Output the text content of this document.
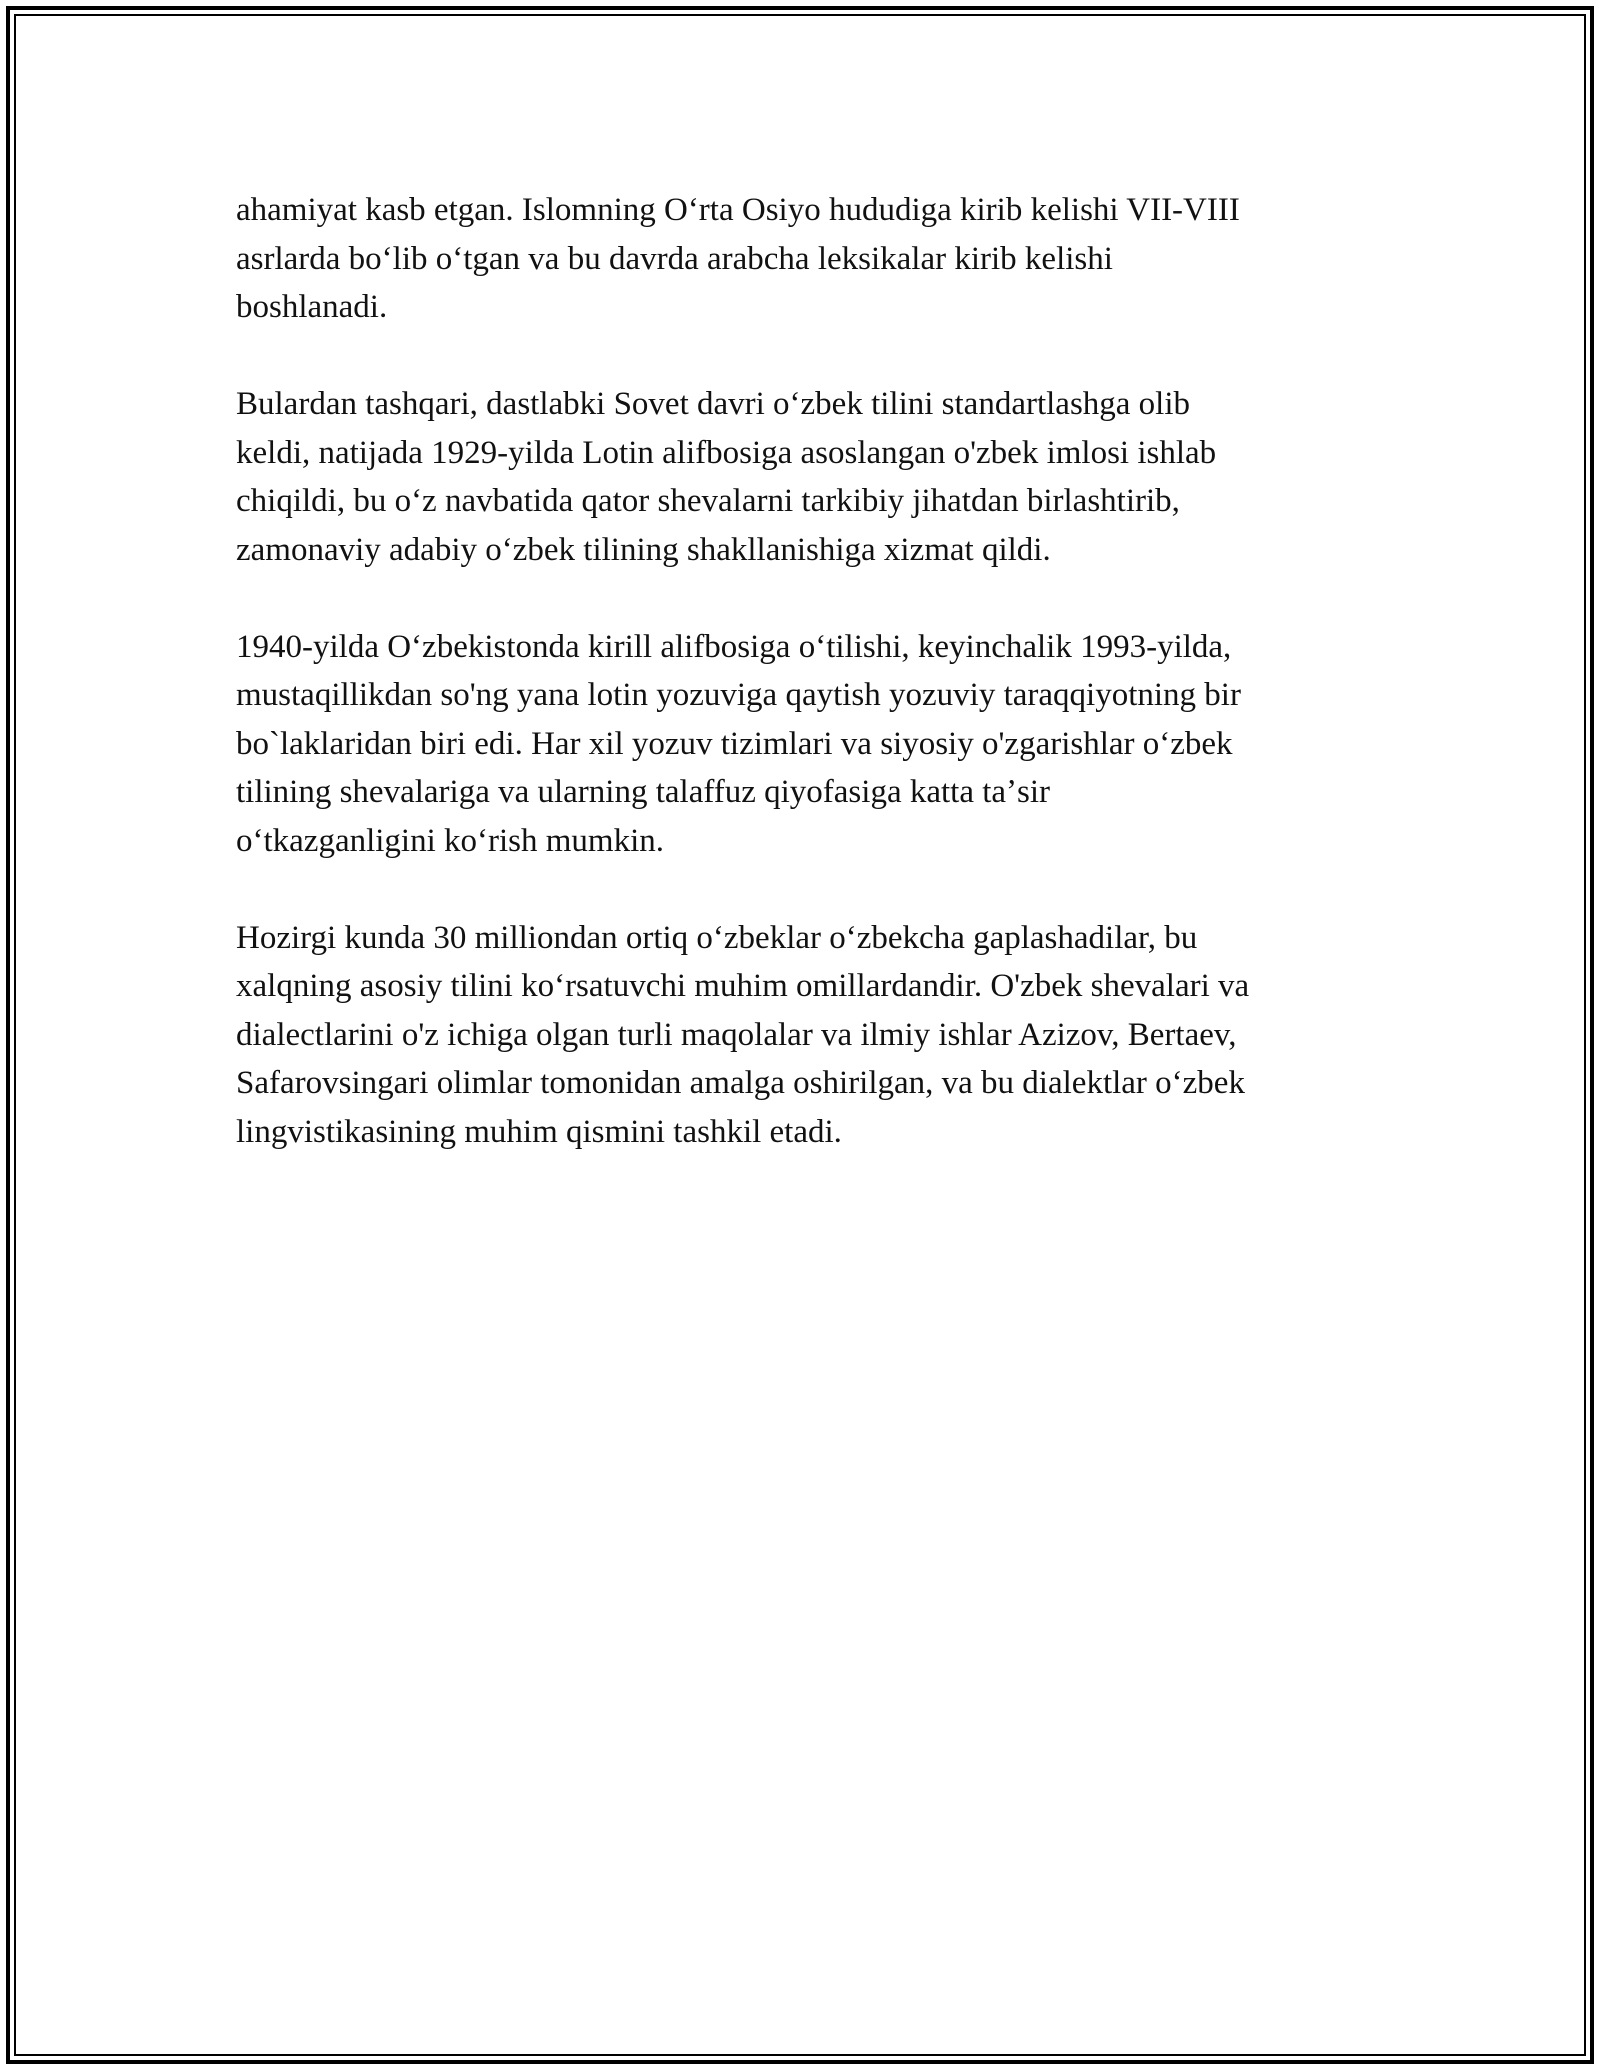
ahamiyat kasb etgan. Islomning Oʻrta Osiyo hududiga kirib kelishi VII-VIII
asrlarda boʻlib oʻtgan va bu davrda arabcha leksikalar kirib kelishi
boshlanadi.

Bulardan tashqari, dastlabki Sovet davri oʻzbek tilini standartlashga olib
keldi, natijada 1929-yilda Lotin alifbosiga asoslangan o'zbek imlosi ishlab
chiqildi, bu oʻz navbatida qator shevalarni tarkibiy jihatdan birlashtirib,
zamonaviy adabiy oʻzbek tilining shakllanishiga xizmat qildi.

1940-yilda Oʻzbekistonda kirill alifbosiga oʻtilishi, keyinchalik 1993-yilda,
mustaqillikdan so'ng yana lotin yozuviga qaytish yozuviy taraqqiyotning bir
bo`laklaridan biri edi. Har xil yozuv tizimlari va siyosiy o'zgarishlar oʻzbek
tilining shevalariga va ularning talaffuz qiyofasiga katta taʼsir
oʻtkazganligini koʻrish mumkin.

Hozirgi kunda 30 milliondan ortiq oʻzbeklar oʻzbekcha gaplashadilar, bu
xalqning asosiy tilini koʻrsatuvchi muhim omillardandir. O'zbek shevalari va
dialectlarini o'z ichiga olgan turli maqolalar va ilmiy ishlar Azizov, Bertaev,
Safarovsingari olimlar tomonidan amalga oshirilgan, va bu dialektlar oʻzbek
lingvistikasining muhim qismini tashkil etadi.
